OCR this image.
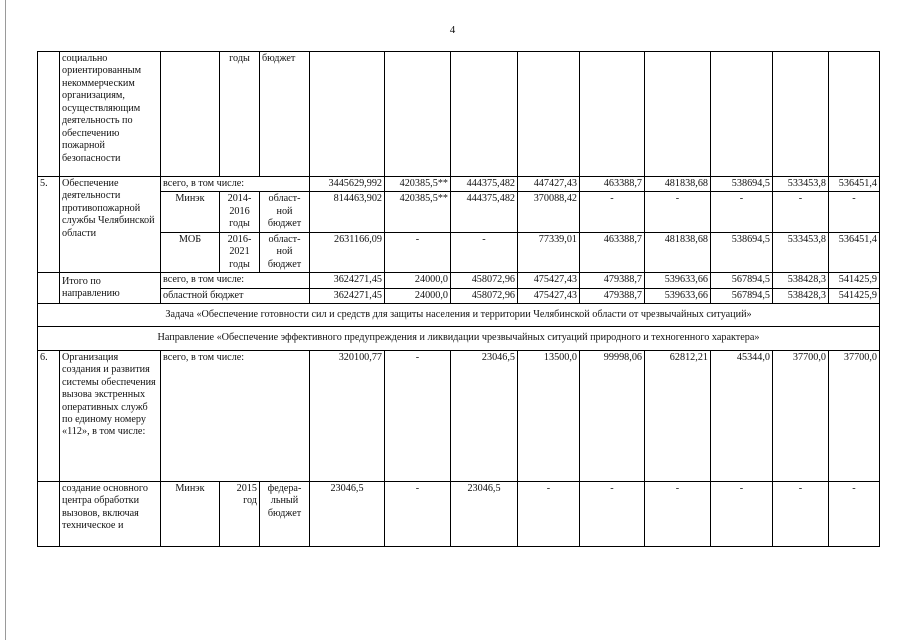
4
	социально ориентированным некоммерческим организациям, осуществляющим деятельность по обеспечению пожарной безопасности		годы	бюджет									
5.	Обеспечение деятельности противопожарной службы Челябинской области	всего, в том числе:			3445629,992	420385,5**	444375,482	447427,43	463388,7	481838,68	538694,5	533453,8	536451,4
		Минэк	2014-2016 годы	област-ной бюджет	814463,902	420385,5**	444375,482	370088,42	-	-	-	-	-
		МОБ	2016-2021 годы	област-ной бюджет	2631166,09	-	-	77339,01	463388,7	481838,68	538694,5	533453,8	536451,4
	Итого по направлению	всего, в том числе:			3624271,45	24000,0	458072,96	475427,43	479388,7	539633,66	567894,5	538428,3	541425,9
		областной бюджет			3624271,45	24000,0	458072,96	475427,43	479388,7	539633,66	567894,5	538428,3	541425,9
Задача «Обеспечение готовности сил и средств для защиты населения и территории Челябинской области от чрезвычайных ситуаций»													
Направление «Обеспечение эффективного предупреждения и ликвидации чрезвычайных ситуаций природного и техногенного характера»													
6.	Организация создания и развития системы обеспечения вызова экстренных оперативных служб по единому номеру «112», в том числе:	всего, в том числе:			320100,77	-	23046,5	13500,0	99998,06	62812,21	45344,0	37700,0	37700,0
	создание основного центра обработки вызовов, включая техническое и	Минэк	2015 год	федера-льный бюджет	23046,5	-	23046,5	-	-	-	-	-	-
